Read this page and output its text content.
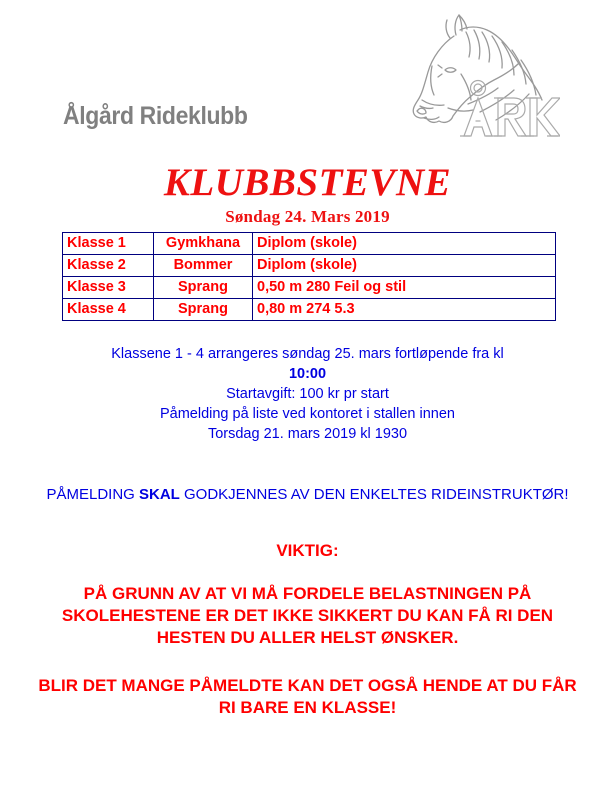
Ålgård Rideklubb
KLUBBSTEVNE
Søndag 24. Mars 2019
Klasse 1	Gymkhana	Diplom (skole)
Klasse 2	Bommer	Diplom (skole)
Klasse 3	Sprang	0,50 m 280 Feil og stil
Klasse 4	Sprang	0,80 m 274 5.3
Klassene 1 - 4 arrangeres søndag 25. mars fortløpende fra kl
10:00
Startavgift: 100 kr pr start
Påmelding på liste ved kontoret i stallen innen
Torsdag 21. mars 2019 kl 1930
PÅMELDING SKAL GODKJENNES AV DEN ENKELTES RIDEINSTRUKTØR!
VIKTIG:
PÅ GRUNN AV AT VI MÅ FORDELE BELASTNINGEN PÅ SKOLEHESTENE ER DET IKKE SIKKERT DU KAN FÅ RI DEN HESTEN DU ALLER HELST ØNSKER.
BLIR DET MANGE PÅMELDTE KAN DET OGSÅ HENDE AT DU FÅR RI BARE EN KLASSE!
